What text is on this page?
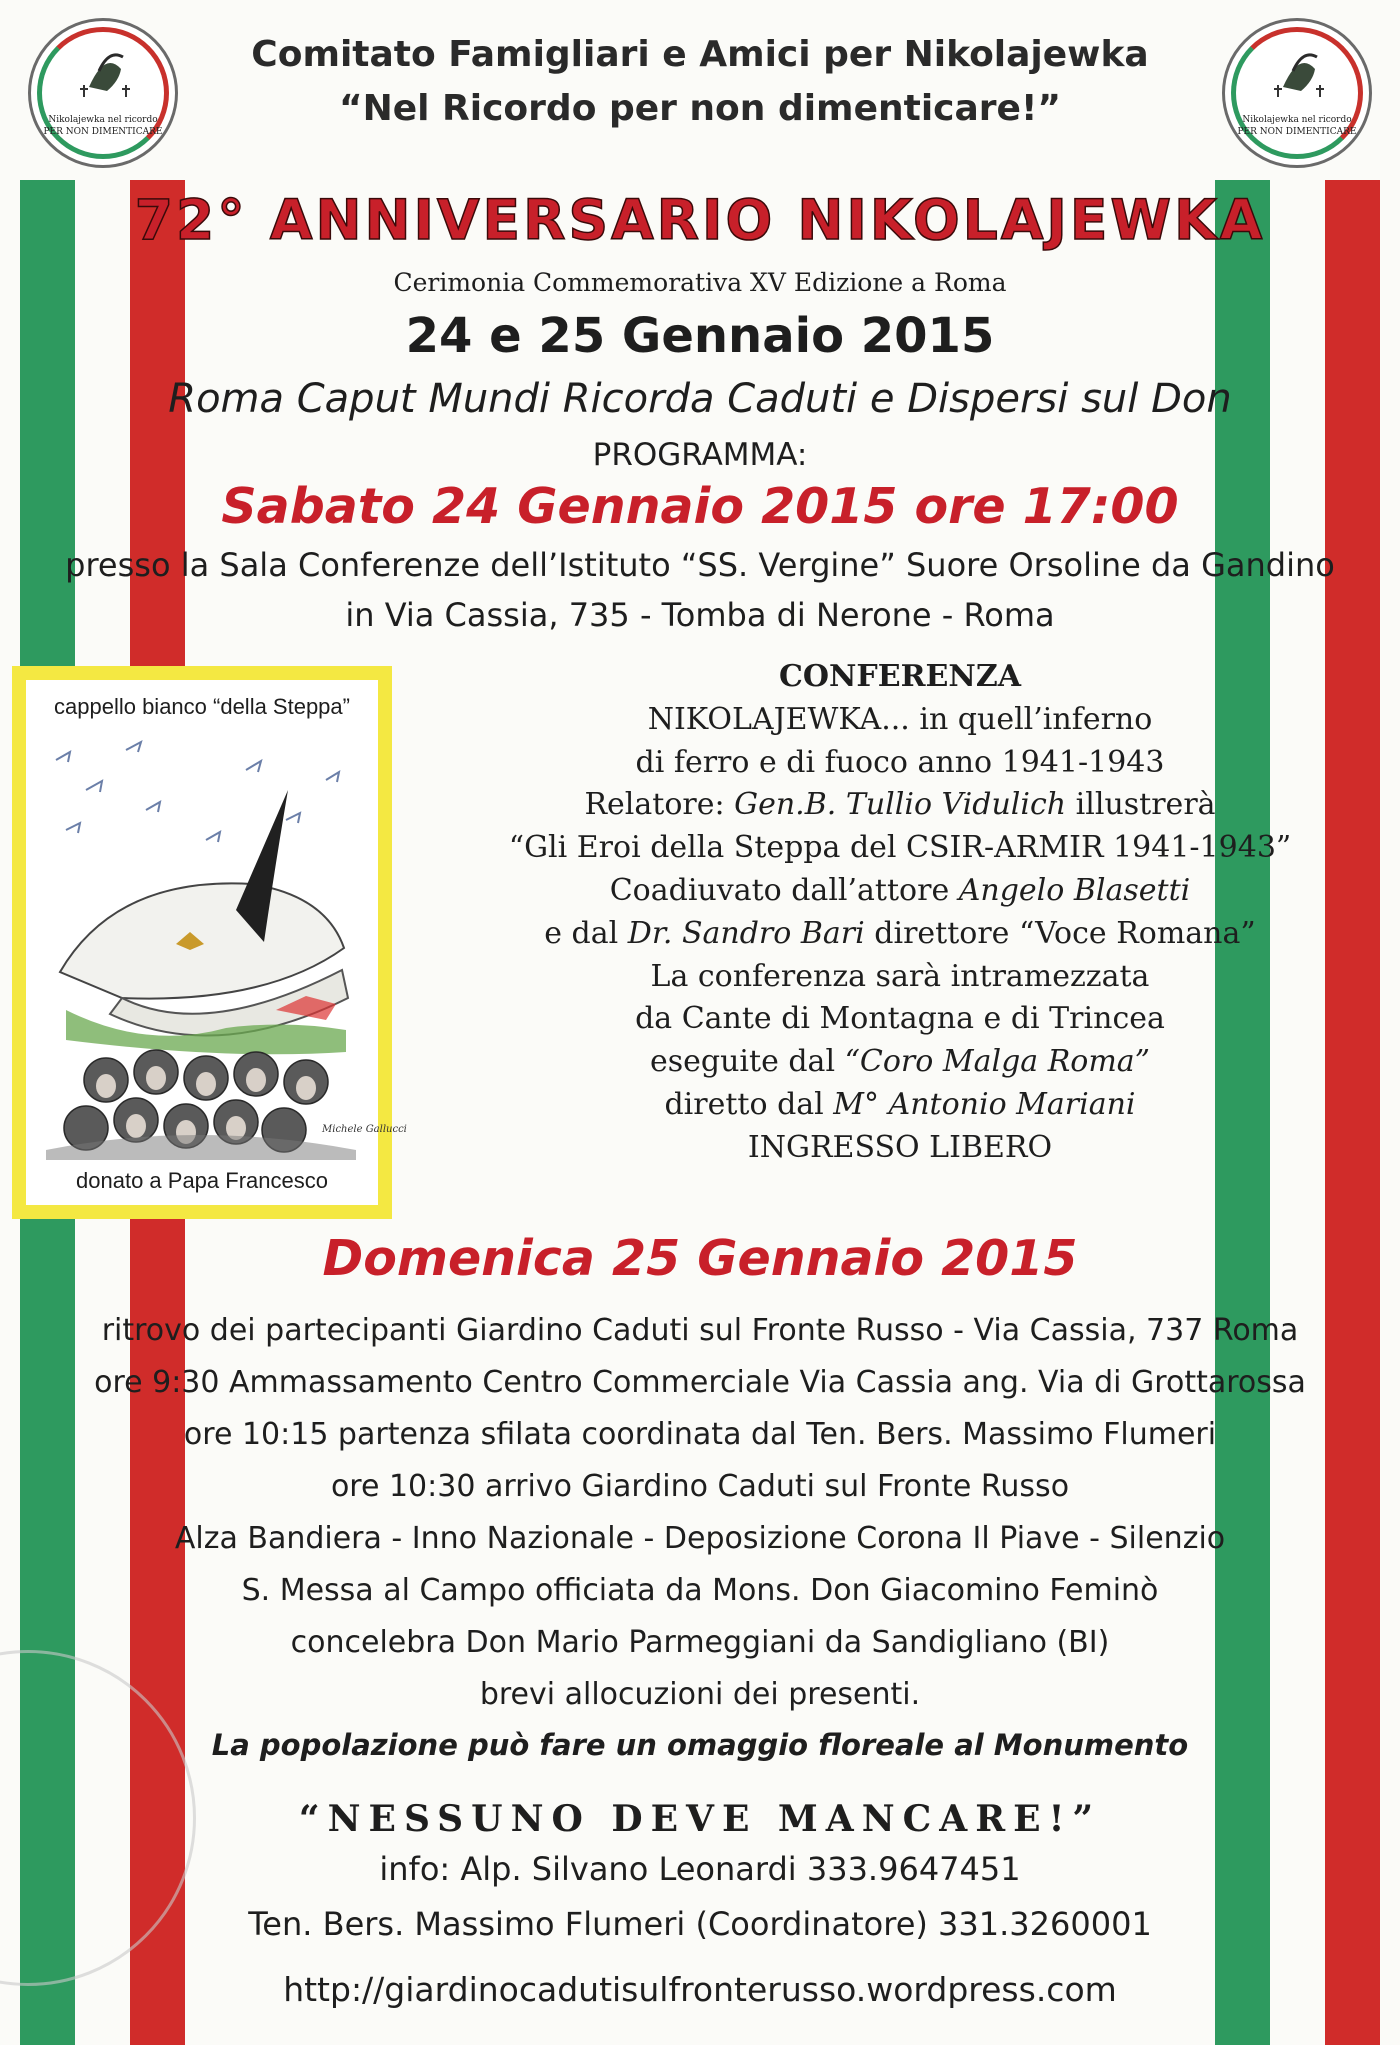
Nikolajewka nel ricordo
PER NON DIMENTICARE
Nikolajewka nel ricordo
PER NON DIMENTICARE
Comitato Famigliari e Amici per Nikolajewka
“Nel Ricordo per non dimenticare!”
72° ANNIVERSARIO NIKOLAJEWKA
Cerimonia Commemorativa XV Edizione a Roma
24 e 25 Gennaio 2015
Roma Caput Mundi Ricorda Caduti e Dispersi sul Don
PROGRAMMA:
Sabato 24 Gennaio 2015 ore 17:00
presso la Sala Conferenze dell’Istituto “SS. Vergine” Suore Orsoline da Gandino
in Via Cassia, 735 - Tomba di Nerone - Roma
cappello bianco “della Steppa”
Michele Gallucci
donato a Papa Francesco
CONFERENZA
NIKOLAJEWKA... in quell’inferno
di ferro e di fuoco anno 1941-1943
Relatore: Gen.B. Tullio Vidulich illustrerà
“Gli Eroi della Steppa del CSIR-ARMIR 1941-1943”
Coadiuvato dall’attore Angelo Blasetti
e dal Dr. Sandro Bari direttore “Voce Romana”
La conferenza sarà intramezzata
da Cante di Montagna e di Trincea
eseguite dal “Coro Malga Roma”
diretto dal M° Antonio Mariani
INGRESSO LIBERO
Domenica 25 Gennaio 2015
ritrovo dei partecipanti Giardino Caduti sul Fronte Russo - Via Cassia, 737 Roma
ore 9:30 Ammassamento Centro Commerciale Via Cassia ang. Via di Grottarossa
ore 10:15 partenza sfilata coordinata dal Ten. Bers. Massimo Flumeri
ore 10:30 arrivo Giardino Caduti sul Fronte Russo
Alza Bandiera - Inno Nazionale - Deposizione Corona Il Piave - Silenzio
S. Messa al Campo officiata da Mons. Don Giacomino Feminò
concelebra Don Mario Parmeggiani da Sandigliano (BI)
brevi allocuzioni dei presenti.
La popolazione può fare un omaggio floreale al Monumento
“NESSUNO DEVE MANCARE!”
info: Alp. Silvano Leonardi 333.9647451
Ten. Bers. Massimo Flumeri (Coordinatore) 331.3260001
http://giardinocadutisulfronterusso.wordpress.com
